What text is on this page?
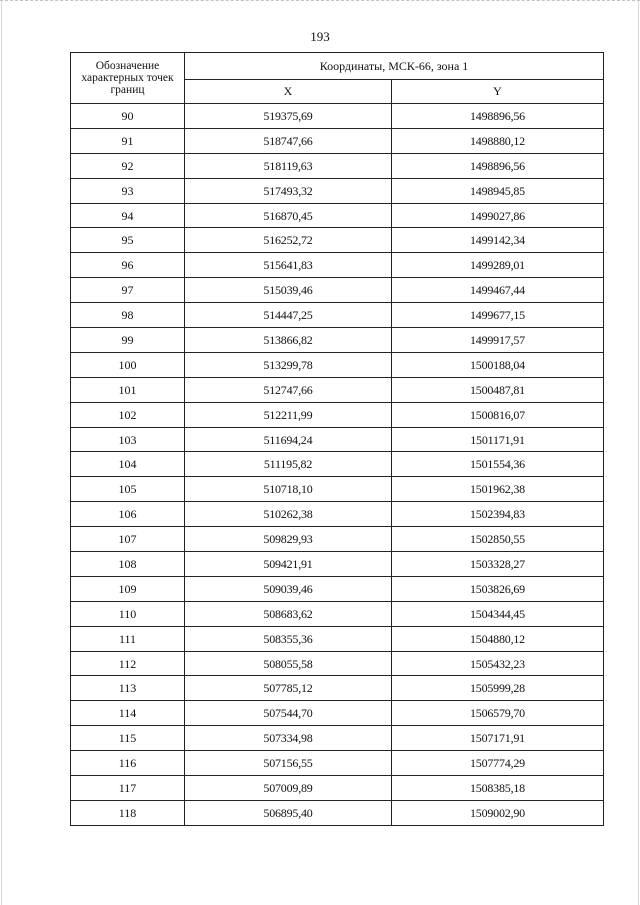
193
Обозначение характерных точек границ	Координаты, МСК-66, зона 1	
	X	Y
90	519375,69	1498896,56
91	518747,66	1498880,12
92	518119,63	1498896,56
93	517493,32	1498945,85
94	516870,45	1499027,86
95	516252,72	1499142,34
96	515641,83	1499289,01
97	515039,46	1499467,44
98	514447,25	1499677,15
99	513866,82	1499917,57
100	513299,78	1500188,04
101	512747,66	1500487,81
102	512211,99	1500816,07
103	511694,24	1501171,91
104	511195,82	1501554,36
105	510718,10	1501962,38
106	510262,38	1502394,83
107	509829,93	1502850,55
108	509421,91	1503328,27
109	509039,46	1503826,69
110	508683,62	1504344,45
111	508355,36	1504880,12
112	508055,58	1505432,23
113	507785,12	1505999,28
114	507544,70	1506579,70
115	507334,98	1507171,91
116	507156,55	1507774,29
117	507009,89	1508385,18
118	506895,40	1509002,90
